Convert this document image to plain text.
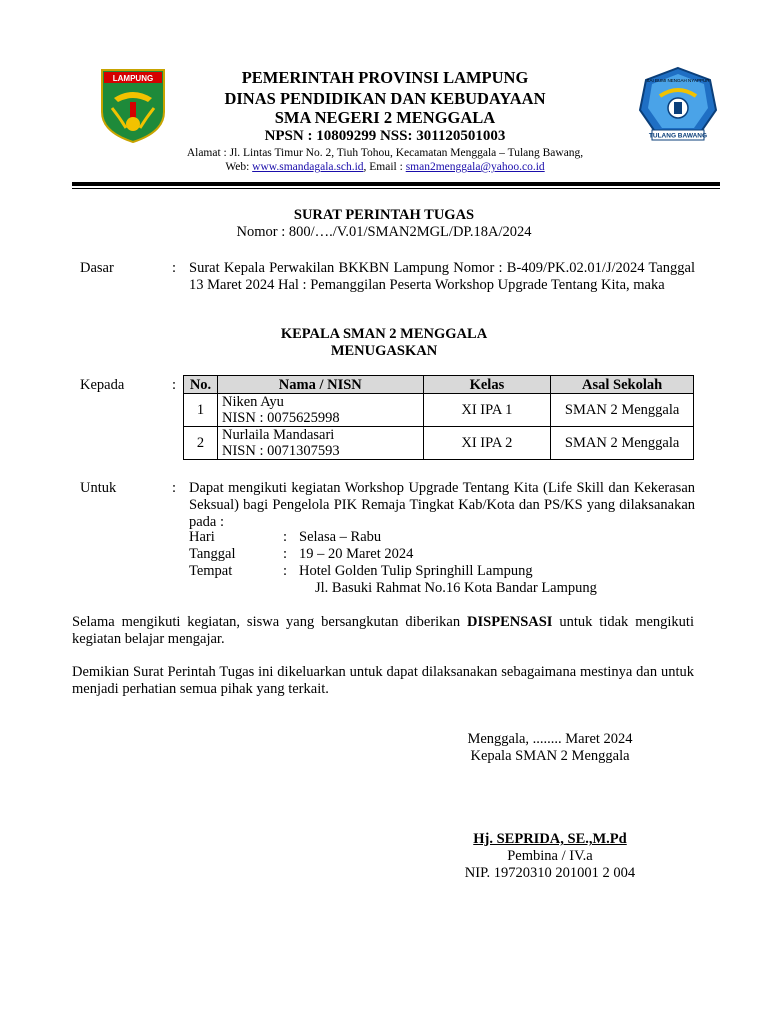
LAMPUNG	SAI BUMI NENGAH NYAPPUR
TULANG BAWANG
PEMERINTAH PROVINSI LAMPUNG
DINAS PENDIDIKAN DAN KEBUDAYAAN
SMA NEGERI 2 MENGGALA
NPSN : 10809299 NSS: 301120501003
Alamat : Jl. Lintas Timur No. 2, Tiuh Tohou, Kecamatan Menggala – Tulang Bawang,
Web: www.smandagala.sch.id, Email : sman2menggala@yahoo.co.id
SURAT PERINTAH TUGAS
Nomor : 800/…./V.01/SMAN2MGL/DP.18A/2024
Dasar	: Surat Kepala Perwakilan BKKBN Lampung Nomor : B-409/PK.02.01/J/2024 Tanggal 13 Maret 2024 Hal : Pemanggilan Peserta Workshop Upgrade Tentang Kita, maka
KEPALA SMAN 2 MENGGALA
MENUGASKAN
Kepada	: No.	Nama / NISN	Kelas	Asal Sekolah
1	Niken Ayu
NISN : 0075625998	XI IPA 1	SMAN 2 Menggala
2	Nurlaila Mandasari
NISN : 0071307593	XI IPA 2	SMAN 2 Menggala
Untuk	: Dapat mengikuti kegiatan Workshop Upgrade Tentang Kita (Life Skill dan Kekerasan Seksual) bagi Pengelola PIK Remaja Tingkat Kab/Kota dan PS/KS yang dilaksanakan pada :
Hari	: Selasa – Rabu
Tanggal	: 19 – 20 Maret 2024
Tempat	: Hotel Golden Tulip Springhill Lampung
Jl. Basuki Rahmat No.16 Kota Bandar Lampung
Selama mengikuti kegiatan, siswa yang bersangkutan diberikan DISPENSASI untuk tidak mengikuti kegiatan belajar mengajar.
Demikian Surat Perintah Tugas ini dikeluarkan untuk dapat dilaksanakan sebagaimana mestinya dan untuk menjadi perhatian semua pihak yang terkait.
Menggala, ........ Maret 2024
Kepala SMAN 2 Menggala
Hj. SEPRIDA, SE.,M.Pd
Pembina / IV.a
NIP. 19720310 201001 2 004
